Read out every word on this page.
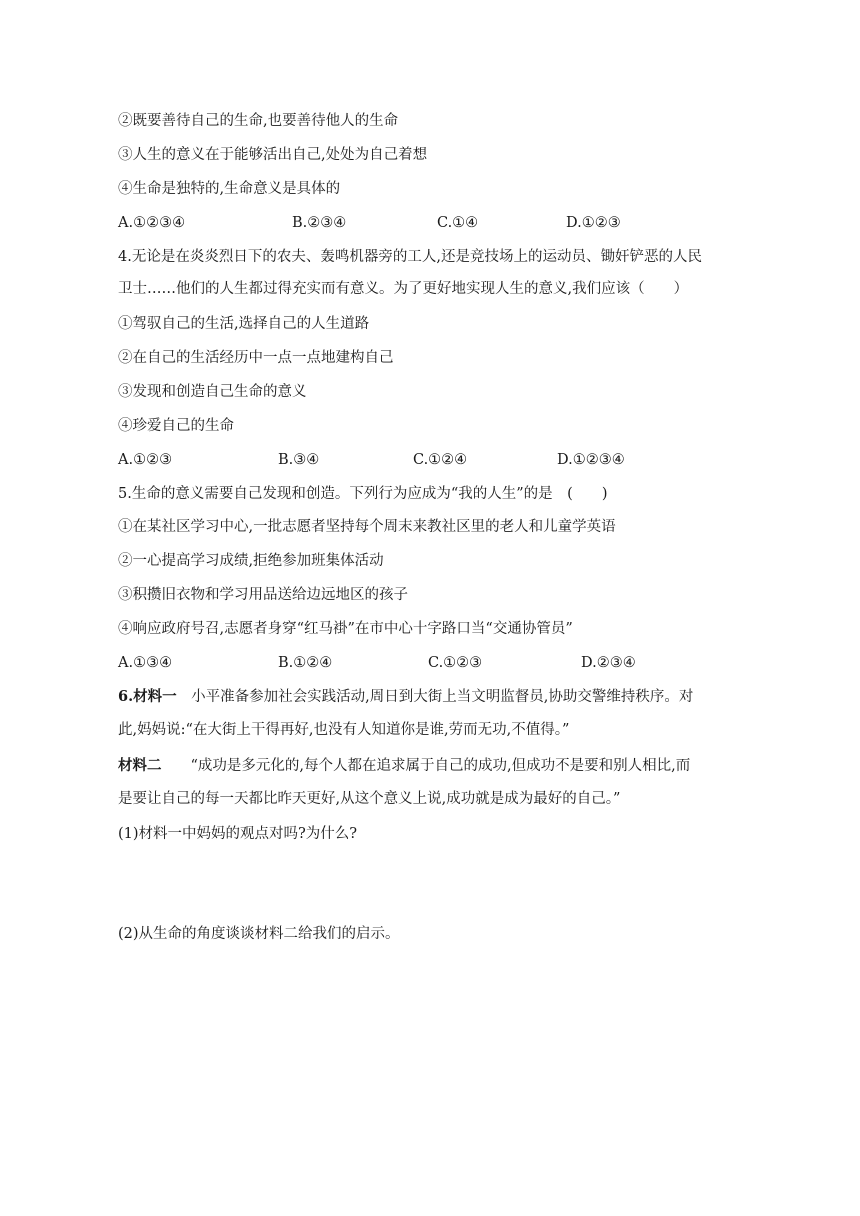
②既要善待自己的生命,也要善待他人的生命
③人生的意义在于能够活出自己,处处为自己着想
④生命是独特的,生命意义是具体的
A.①②③④	B.②③④	C.①④	D.①②③
4.无论是在炎炎烈日下的农夫、轰鸣机器旁的工人,还是竞技场上的运动员、锄奸铲恶的人民
卫士……他们的人生都过得充实而有意义。为了更好地实现人生的意义,我们应该（　　）
①驾驭自己的生活,选择自己的人生道路
②在自己的生活经历中一点一点地建构自己
③发现和创造自己生命的意义
④珍爱自己的生命
A.①②③	B.③④	C.①②④	D.①②③④
5.生命的意义需要自己发现和创造。下列行为应成为“我的人生”的是　(　　)
①在某社区学习中心,一批志愿者坚持每个周末来教社区里的老人和儿童学英语
②一心提高学习成绩,拒绝参加班集体活动
③积攒旧衣物和学习用品送给边远地区的孩子
④响应政府号召,志愿者身穿“红马褂”在市中心十字路口当“交通协管员”
A.①③④	B.①②④	C.①②③	D.②③④
6.材料一　小平准备参加社会实践活动,周日到大街上当文明监督员,协助交警维持秩序。对
此,妈妈说:“在大街上干得再好,也没有人知道你是谁,劳而无功,不值得。”
材料二　　“成功是多元化的,每个人都在追求属于自己的成功,但成功不是要和别人相比,而
是要让自己的每一天都比昨天更好,从这个意义上说,成功就是成为最好的自己。”
(1)材料一中妈妈的观点对吗?为什么?
(2)从生命的角度谈谈材料二给我们的启示。
